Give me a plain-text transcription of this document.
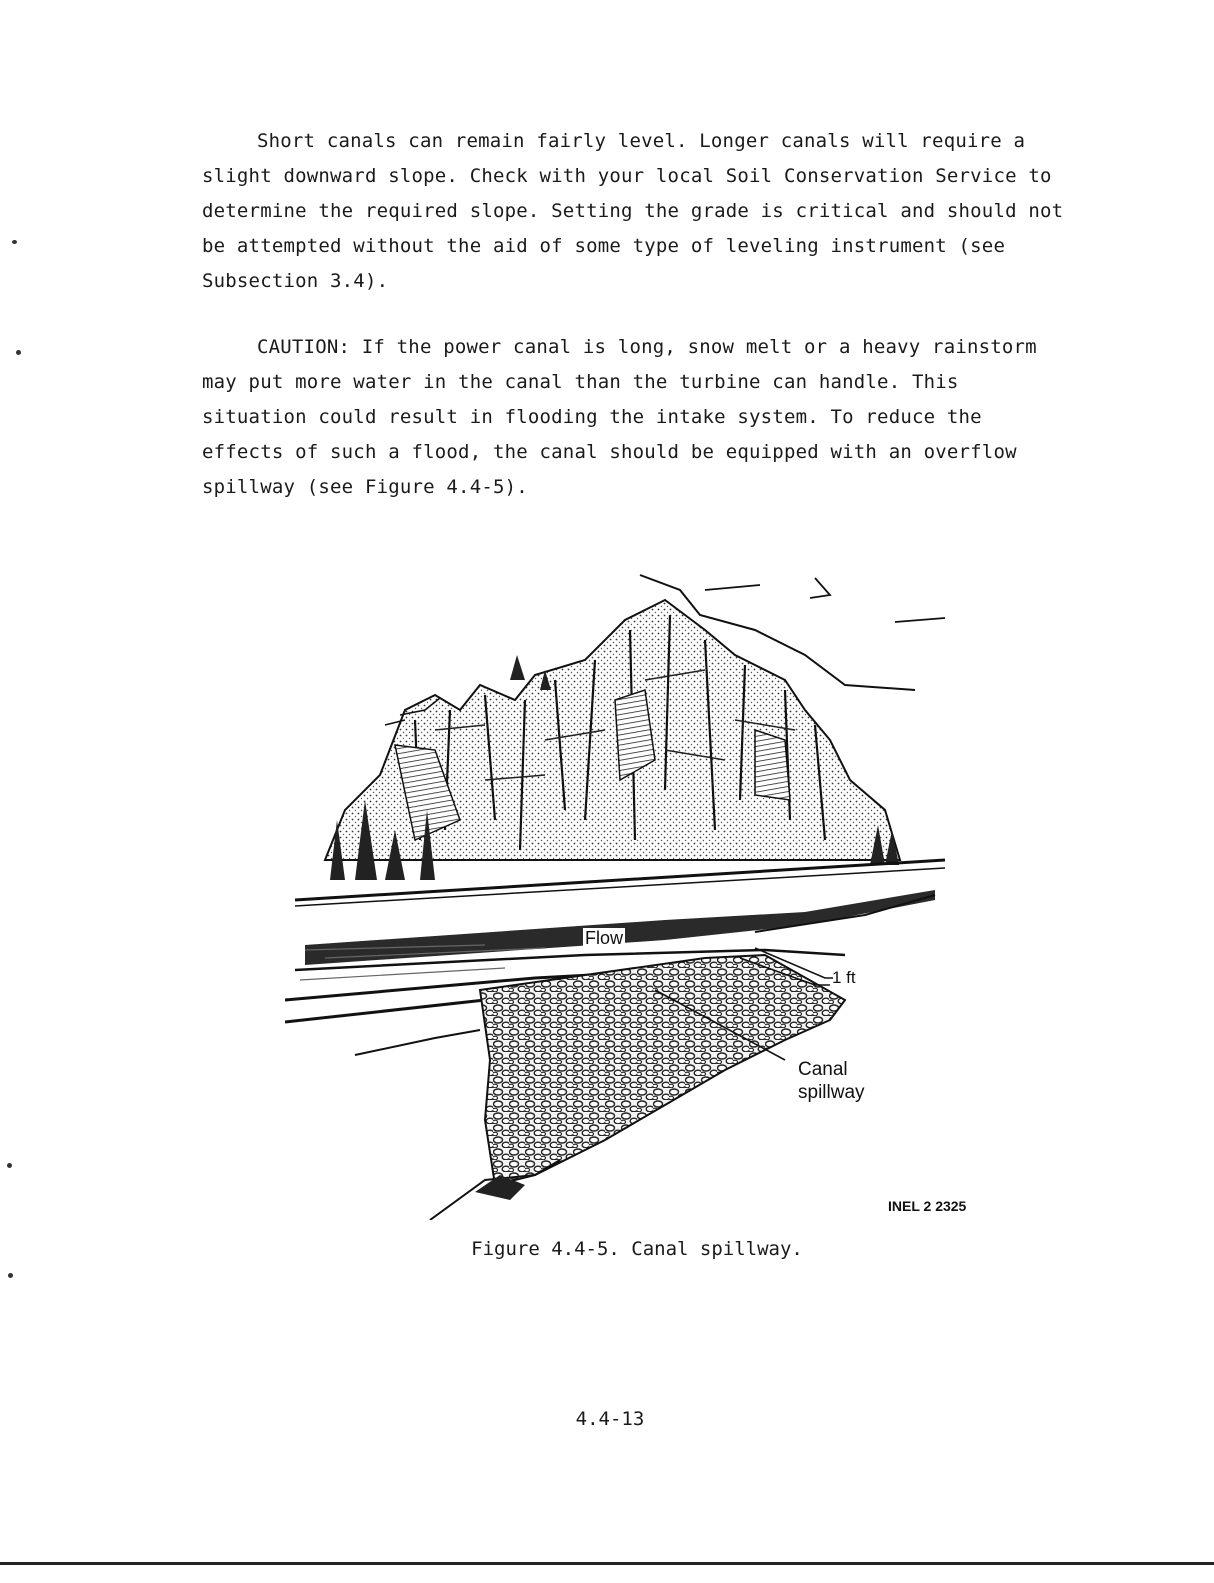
Short canals can remain fairly level. Longer canals will require a slight downward slope. Check with your local Soil Conservation Service to determine the required slope. Setting the grade is critical and should not be attempted without the aid of some type of leveling instrument (see Subsection 3.4).

CAUTION: If the power canal is long, snow melt or a heavy rainstorm may put more water in the canal than the turbine can handle. This situation could result in flooding the intake system. To reduce the effects of such a flood, the canal should be equipped with an overflow spillway (see Figure 4.4-5).

Flow
1 ft
Canal spillway
INEL 2 2325
Figure 4.4-5. Canal spillway.
4.4-13
